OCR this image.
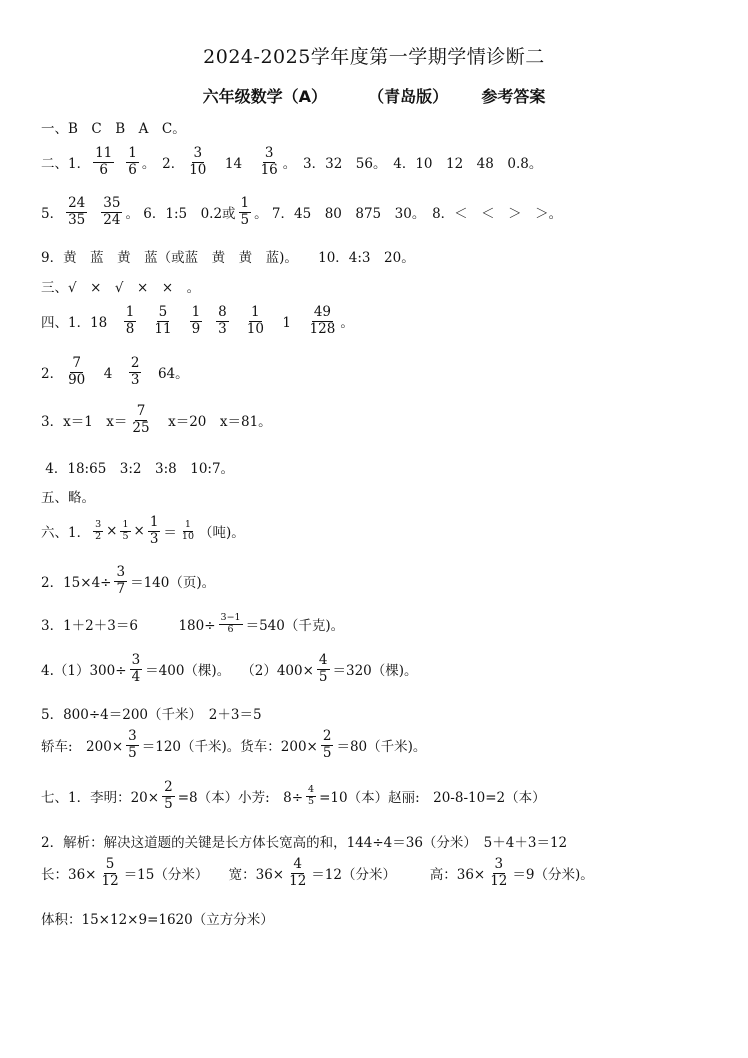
2024-2025学年度第一学期学情诊断二
六年级数学（A）	（青岛版） 参考答案
一、B　C　B　A　C。
二、1． $\frac{11}{6} \frac{1}{6}$ 。　2． $\frac{3}{10}$ 　14　 $\frac{3}{16}$ 。　3．32　56。　4．10　12　48　0.8。
5． $\frac{24}{35} \frac{35}{24}$ 。 6．1:5　0.2或 $\frac{1}{5}$ 。 7．45　80　875　30。　8．＜　＜　＞　＞。
9．黄　蓝　黄　蓝（或蓝　黄　黄　蓝)。　　10．4:3　20。
三、√　×　√　×　×　。
四、1．18　 $\frac{1}{8} \frac{5}{11} \frac{1}{9} \frac{8}{3} \frac{1}{10}$ 　1　 $\frac{49}{128}$ 。
2． $\frac{7}{90}$ 　4　 $\frac{2}{3}$ 　64。
3．x＝1　$x= \frac{7}{25}$ 　x＝20　x＝81。
4．18:65　3:2　3:8　10:7。
五、略。
六、1． $\frac{3}{2} \times \frac{1}{5} \times \frac{1}{3} = \frac{1}{10}$ （吨)。
2．$15\times 4\div \frac{3}{7} =140$（页)。
3．1＋2＋3＝6　　　$180\div \frac{3-1}{6} =540$（千克)。
$4.(1)300\div \frac{3}{4} =400$（棵)。　 $(2)400\times \frac{4}{5} =320$（棵)。
5．800÷4＝200（千米）　2＋3＝5
轿车:　$200\times \frac{3}{5} =120$（千米)。货车：$200\times \frac{2}{5} =80$（千米)。
七、1．李明：$20\times \frac{2}{5} =8$（本）小芳:　$8\div \frac{4}{5} =10$（本）赵丽:　20-8-10=2（本）
2．解析：解决这道题的关键是长方体长宽高的和，144÷4＝36（分米）　5＋4＋3＝12
长：$36\times \frac{5}{12} =15$（分米）　　宽：$36\times \frac{4}{12} =12$（分米）　　　高：$36\times \frac{3}{12} =9$（分米)。
体积：15×12×9=1620（立方分米）
